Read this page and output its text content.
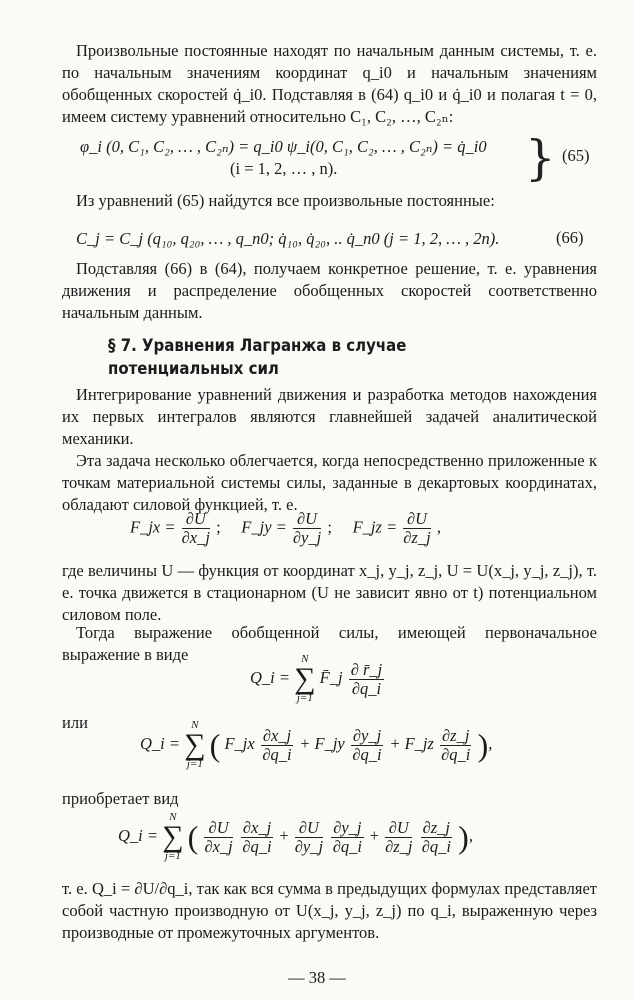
Произвольные постоянные находят по начальным данным системы, т. е. по начальным значениям координат q_i0 и начальным значениям обобщенных скоростей q̇_i0. Подставляя в (64) q_i0 и q̇_i0 и полагая t = 0, имеем систему уравнений относительно C₁, C₂, …, C₂ₙ:

φ_i (0, C₁, C₂, … , C₂ₙ) = q_i0 ψ_i(0, C₁, C₂, … , C₂ₙ) = q̇_i0
(i = 1, 2, … , n).	} (65)

Из уравнений (65) найдутся все произвольные постоянные:

C_j = C_j (q₁₀, q₂₀, … , q_n0; q̇₁₀, q̇₂₀, .. q̇_n0 (j = 1, 2, … , 2n).	(66)

Подставляя (66) в (64), получаем конкретное решение, т. е. уравнения движения и распределение обобщенных скоростей соответственно начальным данным.

§ 7. Уравнения Лагранжа в случае
потенциальных сил

Интегрирование уравнений движения и разработка методов нахождения их первых интегралов являются главнейшей задачей аналитической механики.

Эта задача несколько облегчается, когда непосредственно приложенные к точкам материальной системы силы, заданные в декартовых координатах, обладают силовой функцией, т. е.

F_jx = $\frac{\partial U}{\partial x\_j}$ ;     F_jy = $\frac{\partial U}{\partial y\_j}$ ;     F_jz = $\frac{\partial U}{\partial z\_j}$ ,

где величины U — функция от координат x_j, y_j, z_j, U = U(x_j, y_j, z_j), т. е. точка движется в стационарном (U не зависит явно от t) потенциальном силовом поле.

Тогда выражение обобщенной силы, имеющей первоначальное выражение в виде

Q_i =
N
∑
j=1
F̄_j $\frac{\partial r̄\_j}{\partial q\_i}$
или
Q_i =
N
∑
j=1
( F_jx $\frac{\partial x\_j}{\partial q\_i}$ + F_jy $\frac{\partial y\_j}{\partial q\_i}$ + F_jz $\frac{\partial z\_j}{\partial q\_i}$ ),
приобретает вид
Q_i =
N
∑
j=1
( $\frac{\partial U}{\partial x\_j}$
$\frac{\partial x\_j}{\partial q\_i} + \frac{\partial U}{\partial y\_j}$
$\frac{\partial y\_j}{\partial q\_i} + \frac{\partial U}{\partial z\_j}$
$\frac{\partial z\_j}{\partial q\_i}$ ),

т. е. Q_i = ∂U/∂q_i, так как вся сумма в предыдущих формулах представляет собой частную производную от U(x_j, y_j, z_j) по q_i, выраженную через производные от промежуточных аргументов.

— 38 —
